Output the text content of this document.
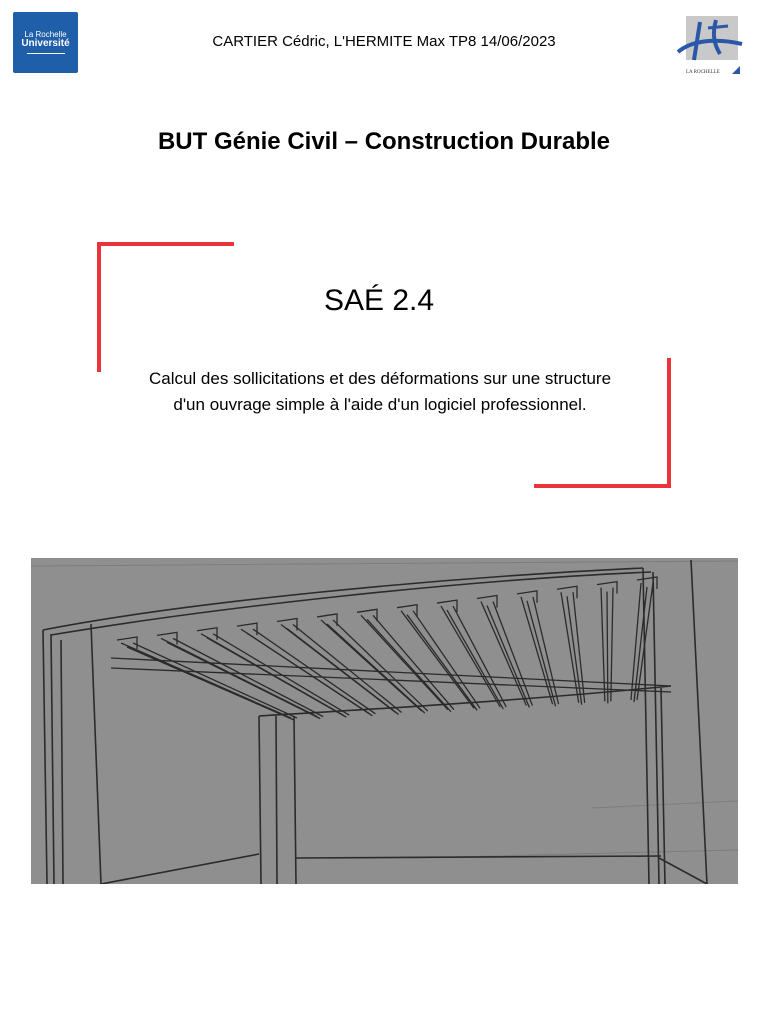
La Rochelle
Université	CARTIER Cédric, L'HERMITE Max TP8 14/06/2023
LA ROCHELLE
BUT Génie Civil – Construction Durable
SAÉ 2.4
Calcul des sollicitations et des déformations sur une structure d'un ouvrage simple à l'aide d'un logiciel professionnel.
